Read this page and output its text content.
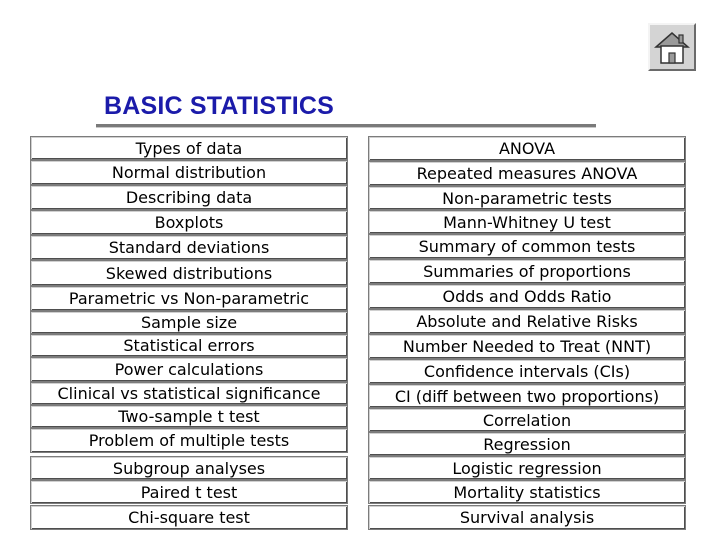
BASIC STATISTICS
Types of data
Normal distribution
Describing data
Boxplots
Standard deviations
Skewed distributions
Parametric vs Non-parametric
Sample size
Statistical errors
Power calculations
Clinical vs statistical significance
Two-sample t test
Problem of multiple tests
Subgroup analyses
Paired t test
Chi-square test
ANOVA
Repeated measures ANOVA
Non-parametric tests
Mann-Whitney U test
Summary of common tests
Summaries of proportions
Odds and Odds Ratio
Absolute and Relative Risks
Number Needed to Treat (NNT)
Confidence intervals (CIs)
CI (diff between two proportions)
Correlation
Regression
Logistic regression
Mortality statistics
Survival analysis
